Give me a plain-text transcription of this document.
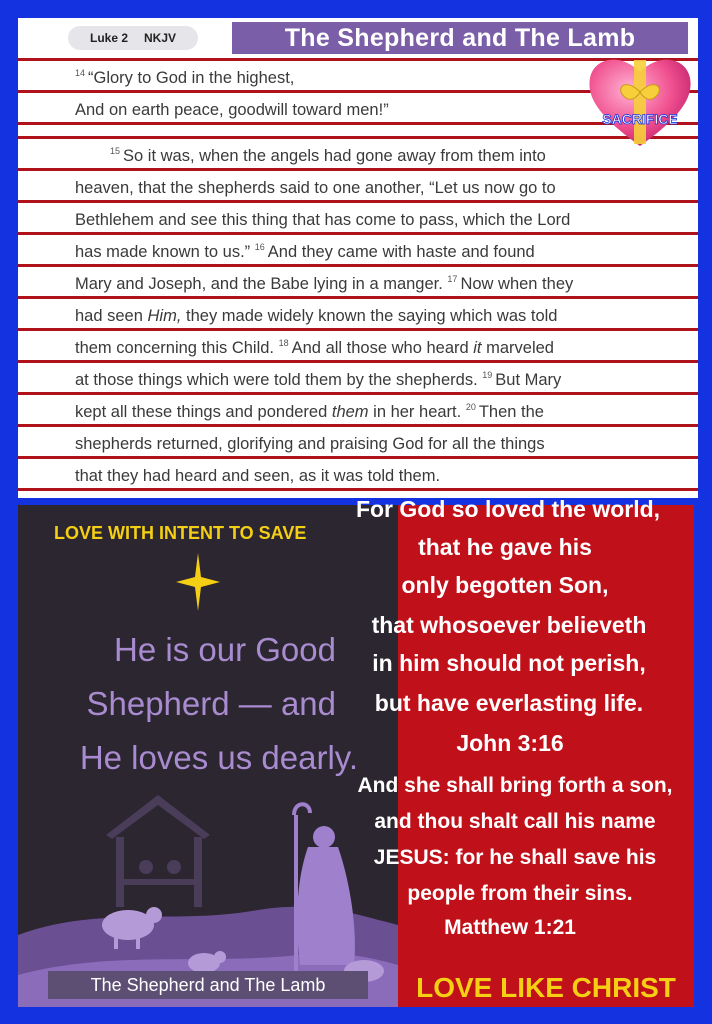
Luke 2 NKJV	The Shepherd and The Lamb
14 “Glory to God in the highest,
And on earth peace, goodwill toward men!”
15 So it was, when the angels had gone away from them into
heaven, that the shepherds said to one another, “Let us now go to
Bethlehem and see this thing that has come to pass, which the Lord
has made known to us.”
16 And they came with haste and found
Mary and Joseph, and the Babe lying in a manger.
17 Now when they
had seen
Him,
they made widely known the saying which was told
them concerning this Child.
18 And all those who heard
it
marveled
at those things which were told them by the shepherds.
19 But Mary
kept all these things and pondered
them
in her heart.
20 Then the
shepherds returned, glorifying and praising God for all the things
that they had heard and seen, as it was told them.
SACRIFICE
LOVE WITH INTENT TO SAVE
He is our Good
Shepherd — and
He loves us dearly.
The Shepherd and The Lamb
For God so loved the world,
that he gave his
only begotten Son,
that whosoever believeth
in him should not perish,
but have everlasting life.
John 3:16
And she shall bring forth a son,
and thou shalt call his name
JESUS: for he shall save his
people from their sins.
Matthew 1:21
LOVE LIKE CHRIST
